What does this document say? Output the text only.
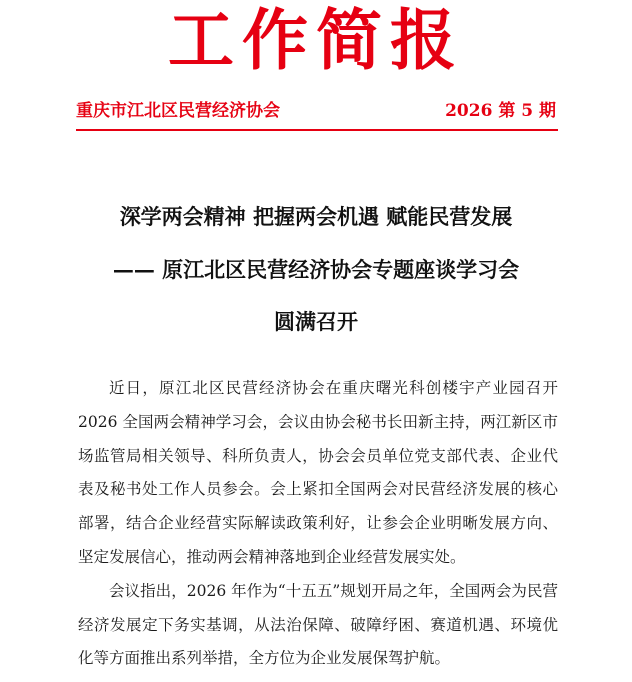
工作简报
重庆市江北区民营经济协会	2026 第 5 期
深学两会精神 把握两会机遇 赋能民营发展
—— 原江北区民营经济协会专题座谈学习会
圆满召开

近日，原江北区民营经济协会在重庆曙光科创楼宇产业园召开 2026 全国两会精神学习会，会议由协会秘书长田新主持，两江新区市场监管局相关领导、科所负责人，协会会员单位党支部代表、企业代表及秘书处工作人员参会。会上紧扣全国两会对民营经济发展的核心部署，结合企业经营实际解读政策利好，让参会企业明晰发展方向、坚定发展信心，推动两会精神落地到企业经营发展实处。

会议指出，2026 年作为“十五五”规划开局之年，全国两会为民营经济发展定下务实基调，从法治保障、破障纾困、赛道机遇、环境优化等方面推出系列举措，全方位为企业发展保驾护航。
